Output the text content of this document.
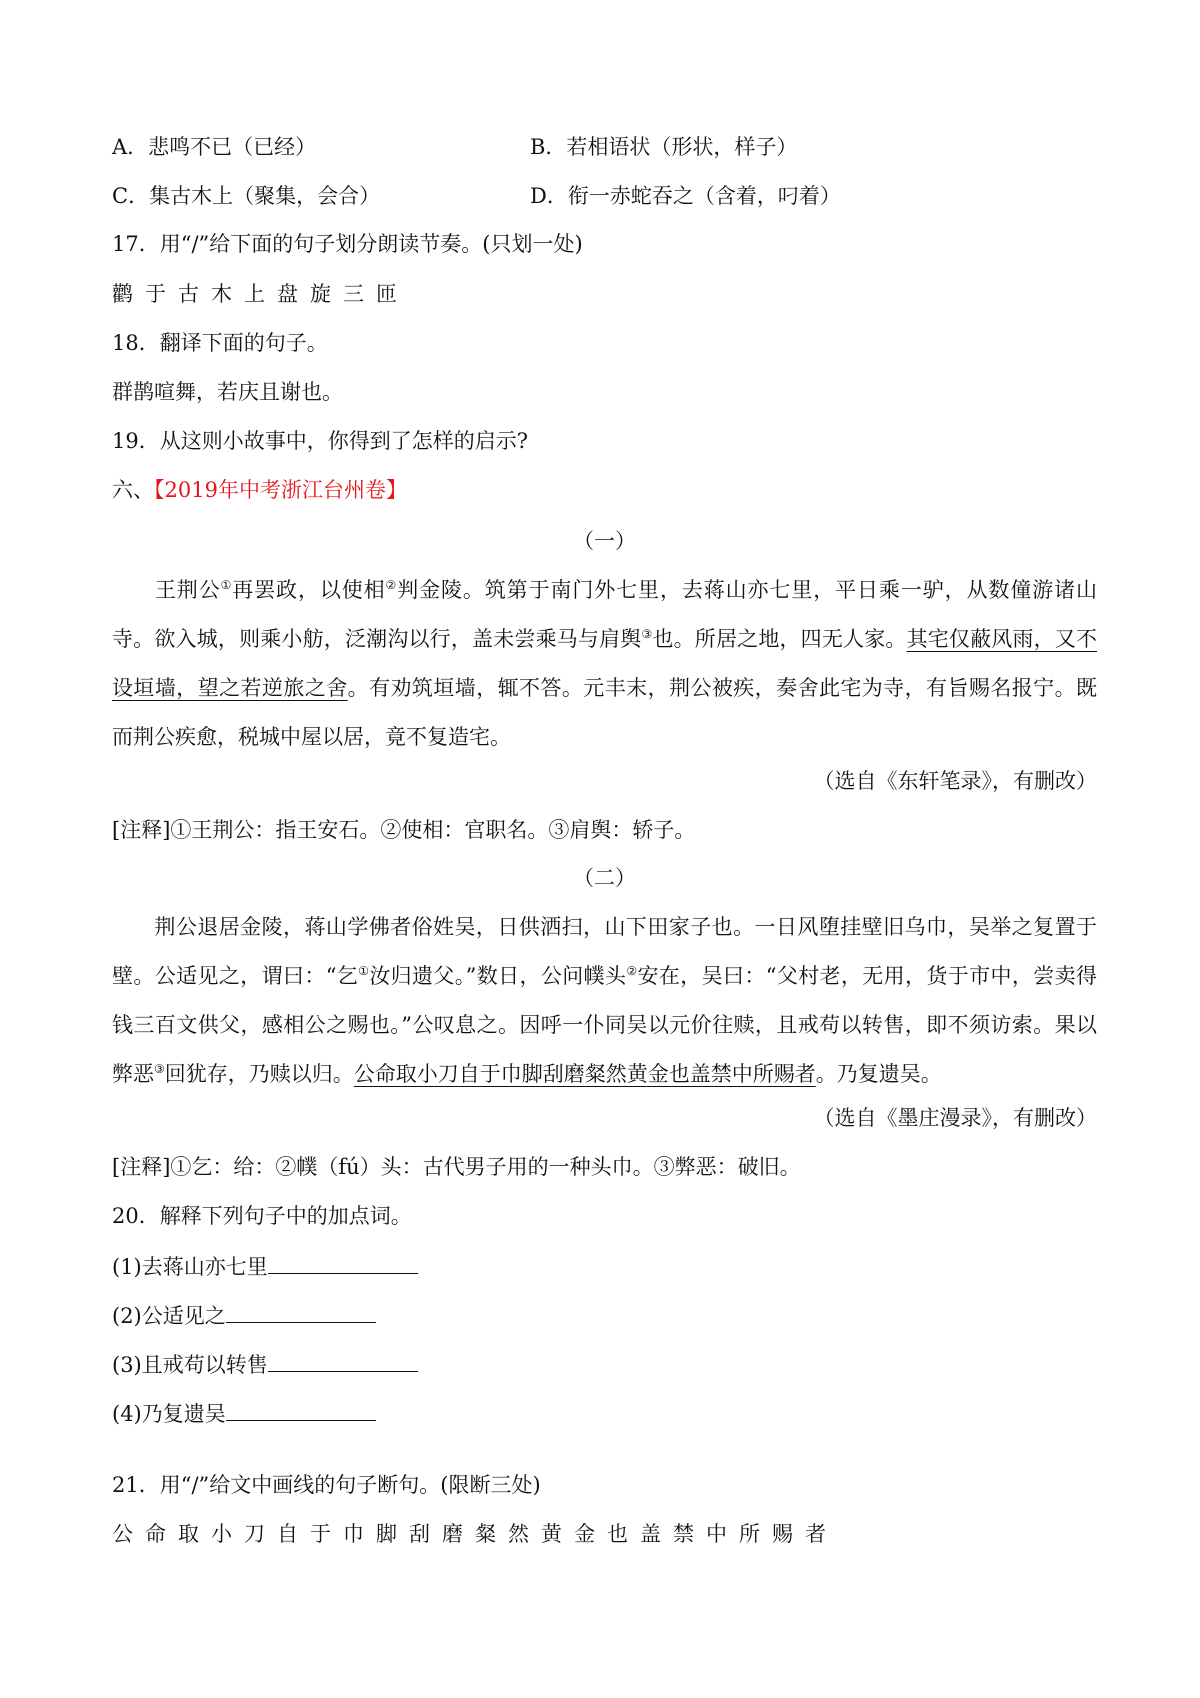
A．悲鸣不已（已经）	B．若相语状（形状，样子）
C．集古木上（聚集，会合）	D．衔一赤蛇吞之（含着，叼着）
17．用“/”给下面的句子划分朗读节奏。(只划一处)
鹳于古木上盘旋三匝
18．翻译下面的句子。
群鹊喧舞，若庆且谢也。
19．从这则小故事中，你得到了怎样的启示?
六、【2019年中考浙江台州卷】
（一）

王荆公①再罢政，以使相②判金陵。筑第于南门外七里，去蒋山亦七里，平日乘一驴，从数僮游诸山寺。欲入城，则乘小舫，泛潮沟以行，盖未尝乘马与肩舆③也。所居之地，四无人家。其宅仅蔽风雨，又不设垣墙，望之若逆旅之舍。有劝筑垣墙，辄不答。元丰末，荆公被疾，奏舍此宅为寺，有旨赐名报宁。既而荆公疾愈，税城中屋以居，竟不复造宅。

（选自《东轩笔录》，有删改）
[注释]①王荆公：指王安石。②使相：官职名。③肩舆：轿子。
（二）

荆公退居金陵，蒋山学佛者俗姓吴，日供洒扫，山下田家子也。一日风堕挂壁旧乌巾，吴举之复置于壁。公适见之，谓曰：“乞①汝归遗父。”数日，公问幞头②安在，吴曰：“父村老，无用，货于市中，尝卖得钱三百文供父，感相公之赐也。”公叹息之。因呼一仆同吴以元价往赎，且戒苟以转售，即不须访索。果以弊恶③回犹存，乃赎以归。公命取小刀自于巾脚刮磨粲然黄金也盖禁中所赐者。乃复遗吴。

（选自《墨庄漫录》，有删改）
[注释]①乞：给：②幞（fú）头：古代男子用的一种头巾。③弊恶：破旧。
20．解释下列句子中的加点词。
(1)去蒋山亦七里
(2)公适见之
(3)且戒苟以转售
(4)乃复遗吴
21．用“/”给文中画线的句子断句。(限断三处)
公命取小刀自于巾脚刮磨粲然黄金也盖禁中所赐者
